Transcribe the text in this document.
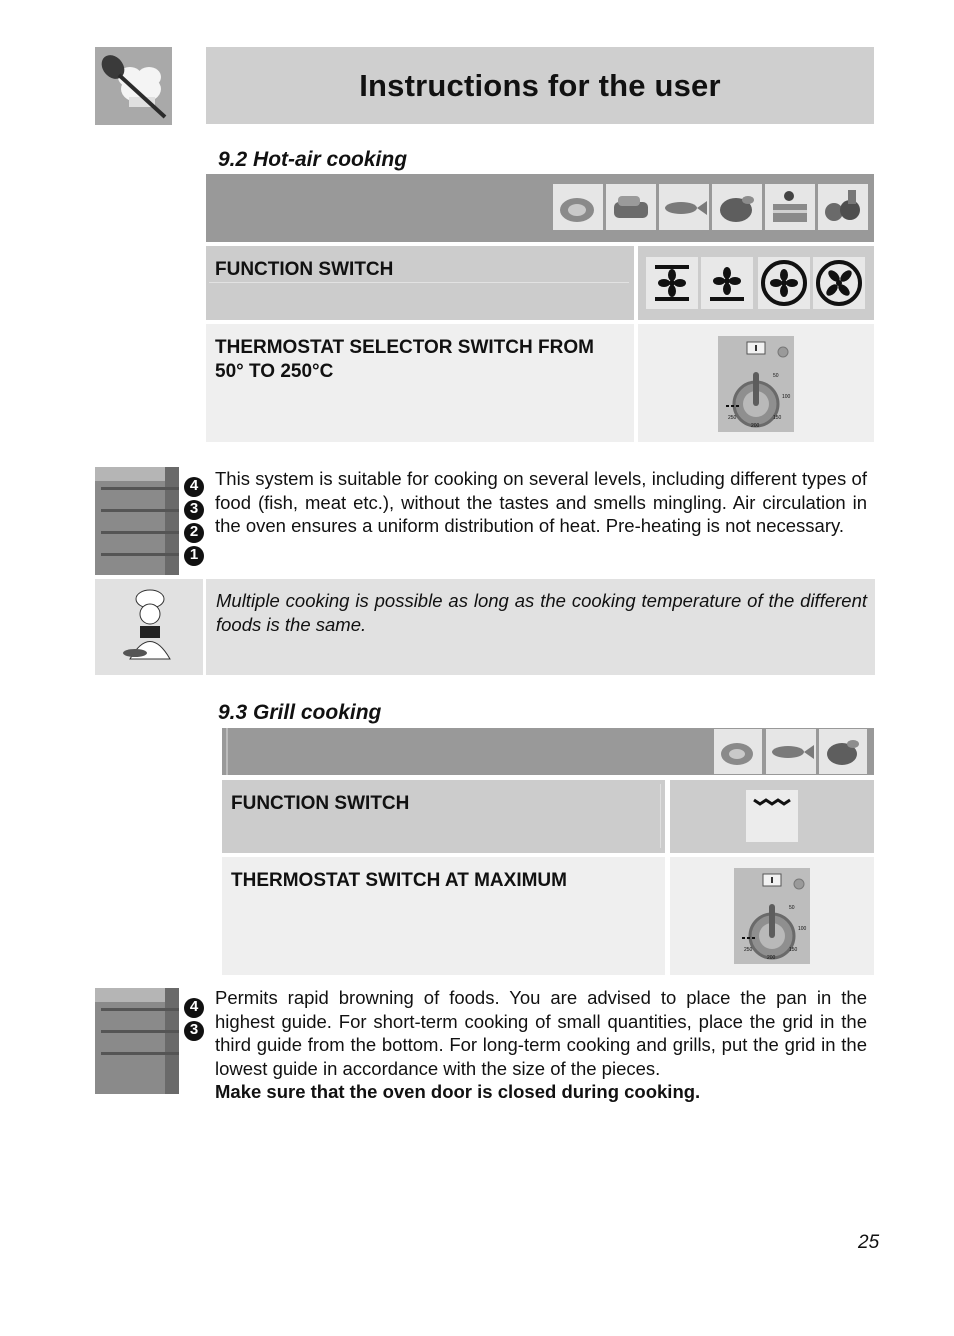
Instructions for the user
9.2 Hot-air cooking
FUNCTION SWITCH
THERMOSTAT SELECTOR SWITCH FROM 50° TO 250°C	50
100
150
200
250
4
3
2
1
This system is suitable for cooking on several levels, including different types of food (fish, meat etc.), without the tastes and smells mingling. Air circulation in the oven ensures a uniform distribution of heat. Pre-heating is not necessary.
Multiple cooking is possible as long as the cooking temperature of the different foods is the same.
9.3 Grill cooking
FUNCTION SWITCH
THERMOSTAT SWITCH AT MAXIMUM
50
100
150
200
250
4
3
Permits rapid browning of foods. You are advised to place the pan in the highest guide. For short-term cooking of small quantities, place the grid in the third guide from the bottom. For long-term cooking and grills, put the grid in the lowest guide in accordance with the size of the pieces.
Make sure that the oven door is closed during cooking.
25
